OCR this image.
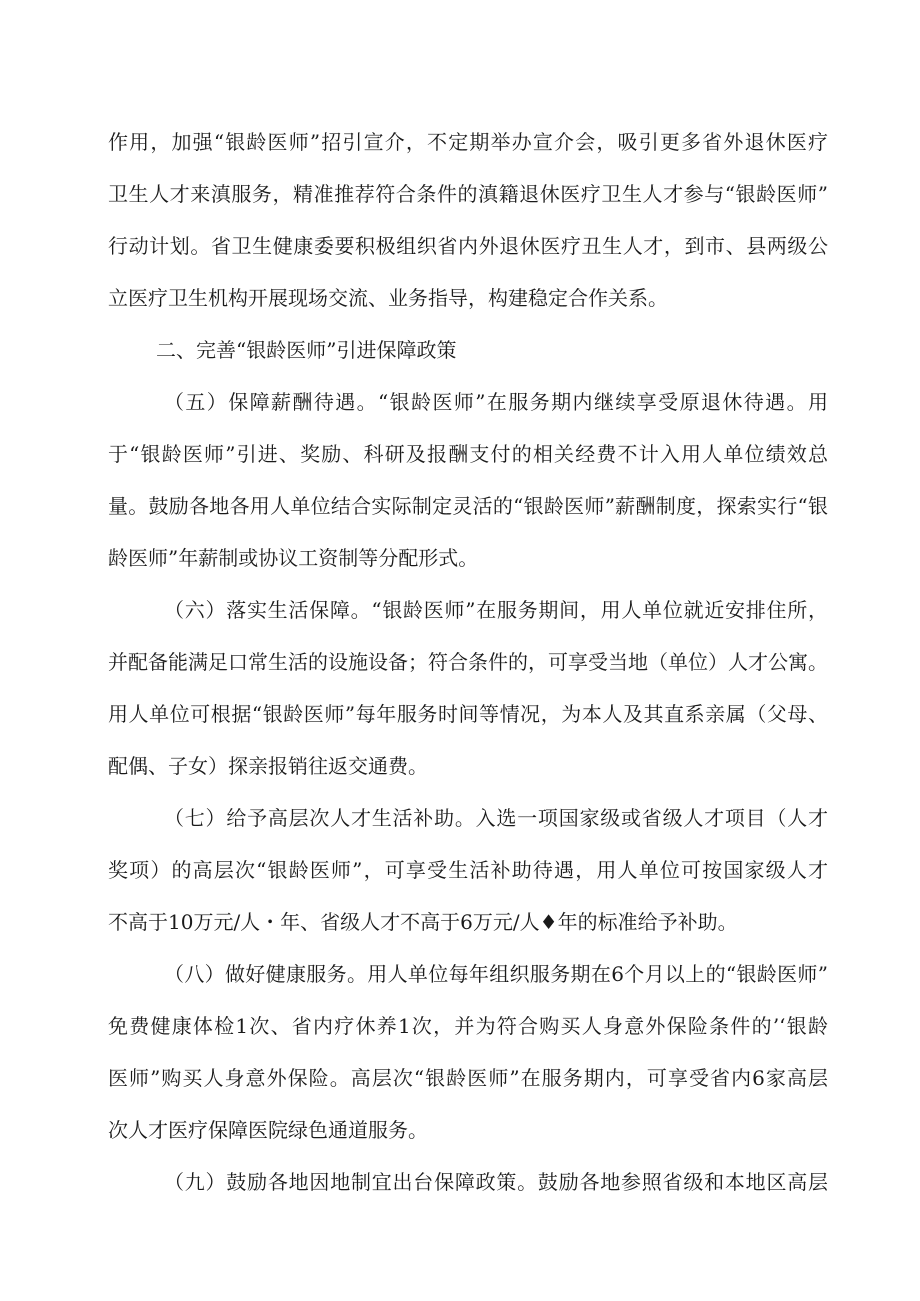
作用，加强“银龄医师”招引宣介，不定期举办宣介会，吸引更多省外退休医疗
卫生人才来滇服务，精准推荐符合条件的滇籍退休医疗卫生人才参与“银龄医师”
行动计划。省卫生健康委要积极组织省内外退休医疗丑生人才，到市、县两级公
立医疗卫生机构开展现场交流、业务指导，构建稳定合作关系。
二、完善“银龄医师”引进保障政策
（五）保障薪酬待遇。“银龄医师”在服务期内继续享受原退休待遇。用
于“银龄医师”引进、奖励、科研及报酬支付的相关经费不计入用人单位绩效总
量。鼓励各地各用人单位结合实际制定灵活的“银龄医师”薪酬制度，探索实行“银
龄医师”年薪制或协议工资制等分配形式。
（六）落实生活保障。“银龄医师”在服务期间，用人单位就近安排住所，
并配备能满足口常生活的设施设备；符合条件的，可享受当地（单位）人才公寓。
用人单位可根据“银龄医师”每年服务时间等情况，为本人及其直系亲属（父母、
配偶、子女）探亲报销往返交通费。
（七）给予高层次人才生活补助。入选一项国家级或省级人才项目（人才
奖项）的高层次“银龄医师”，可享受生活补助待遇，用人单位可按国家级人才
不高于10万元/人・年、省级人才不高于6万元/人♦年的标准给予补助。
（八）做好健康服务。用人单位每年组织服务期在6个月以上的“银龄医师”
免费健康体检1次、省内疗休养1次，并为符合购买人身意外保险条件的’‘银龄
医师”购买人身意外保险。高层次“银龄医师”在服务期内，可享受省内6家高层
次人才医疗保障医院绿色通道服务。
（九）鼓励各地因地制宜出台保障政策。鼓励各地参照省级和本地区高层
